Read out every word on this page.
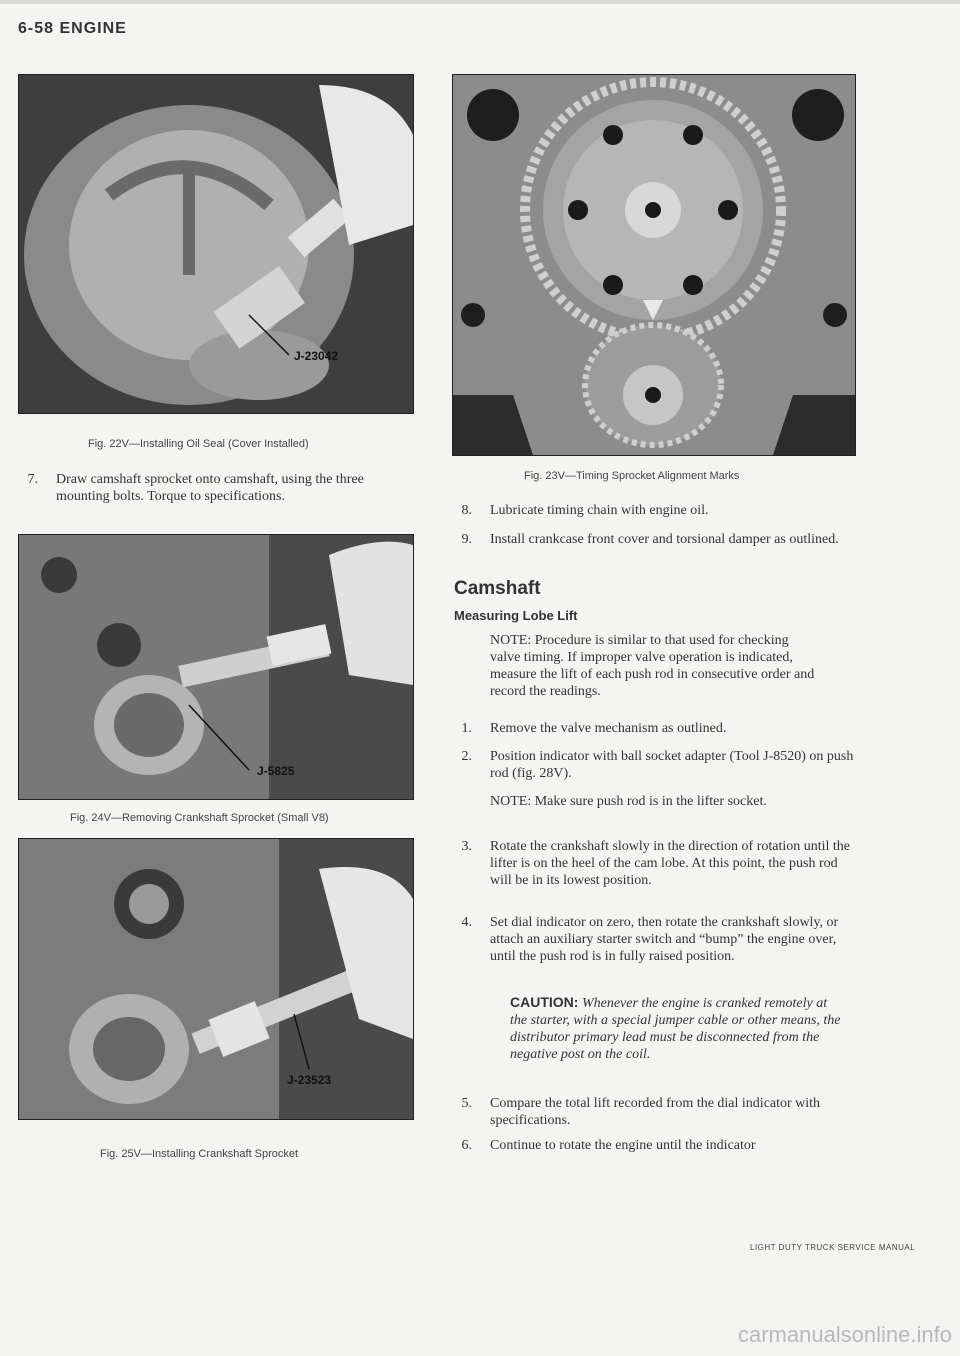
6-58 ENGINE
J-23042
Fig. 22V—Installing Oil Seal (Cover Installed)
7. Draw camshaft sprocket onto camshaft, using the three mounting bolts. Torque to specifications.
J-5825
Fig. 24V—Removing Crankshaft Sprocket (Small V8)
J-23523
Fig. 25V—Installing Crankshaft Sprocket
Fig. 23V—Timing Sprocket Alignment Marks
8. Lubricate timing chain with engine oil.
9. Install crankcase front cover and torsional damper as outlined.
Camshaft
Measuring Lobe Lift
NOTE: Procedure is similar to that used for checking valve timing. If improper valve operation is indicated, measure the lift of each push rod in consecutive order and record the readings.
1. Remove the valve mechanism as outlined.
2. Position indicator with ball socket adapter (Tool J-8520) on push rod (fig. 28V).
NOTE: Make sure push rod is in the lifter socket.
3. Rotate the crankshaft slowly in the direction of rotation until the lifter is on the heel of the cam lobe. At this point, the push rod will be in its lowest position.
4. Set dial indicator on zero, then rotate the crankshaft slowly, or attach an auxiliary starter switch and “bump” the engine over, until the push rod is in fully raised position.
CAUTION: Whenever the engine is cranked remotely at the starter, with a special jumper cable or other means, the distributor primary lead must be disconnected from the negative post on the coil.
5. Compare the total lift recorded from the dial indicator with specifications.
6. Continue to rotate the engine until the indicator
LIGHT DUTY TRUCK SERVICE MANUAL
carmanualsonline.info
